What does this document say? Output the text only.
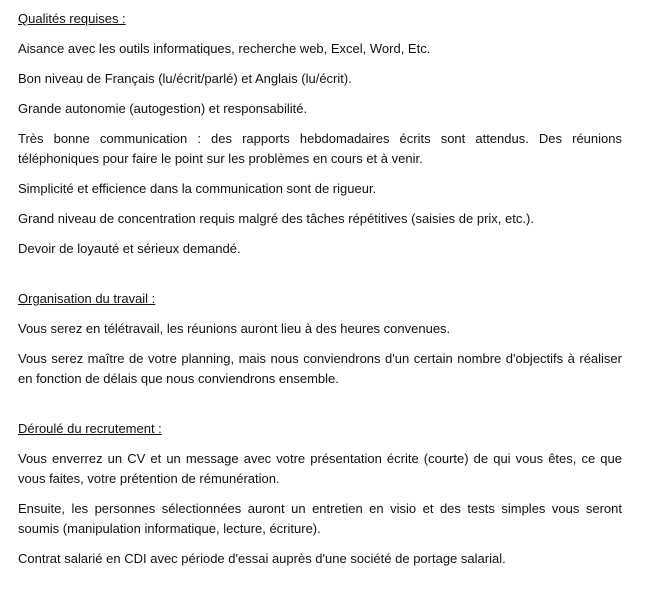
Qualités requises :

Aisance avec les outils informatiques, recherche web, Excel, Word, Etc.

Bon niveau de Français (lu/écrit/parlé) et Anglais (lu/écrit).

Grande autonomie (autogestion) et responsabilité.

Très bonne communication : des rapports hebdomadaires écrits sont attendus. Des réunions téléphoniques pour faire le point sur les problèmes en cours et à venir.

Simplicité et efficience dans la communication sont de rigueur.

Grand niveau de concentration requis malgré des tâches répétitives (saisies de prix, etc.).

Devoir de loyauté et sérieux demandé.

Organisation du travail :

Vous serez en télétravail, les réunions auront lieu à des heures convenues.

Vous serez maître de votre planning, mais nous conviendrons d'un certain nombre d'objectifs à réaliser en fonction de délais que nous conviendrons ensemble.

Déroulé du recrutement :

Vous enverrez un CV et un message avec votre présentation écrite (courte) de qui vous êtes, ce que vous faites, votre prétention de rémunération.

Ensuite, les personnes sélectionnées auront un entretien en visio et des tests simples vous seront soumis (manipulation informatique, lecture, écriture).

Contrat salarié en CDI avec période d'essai auprès d'une société de portage salarial.
